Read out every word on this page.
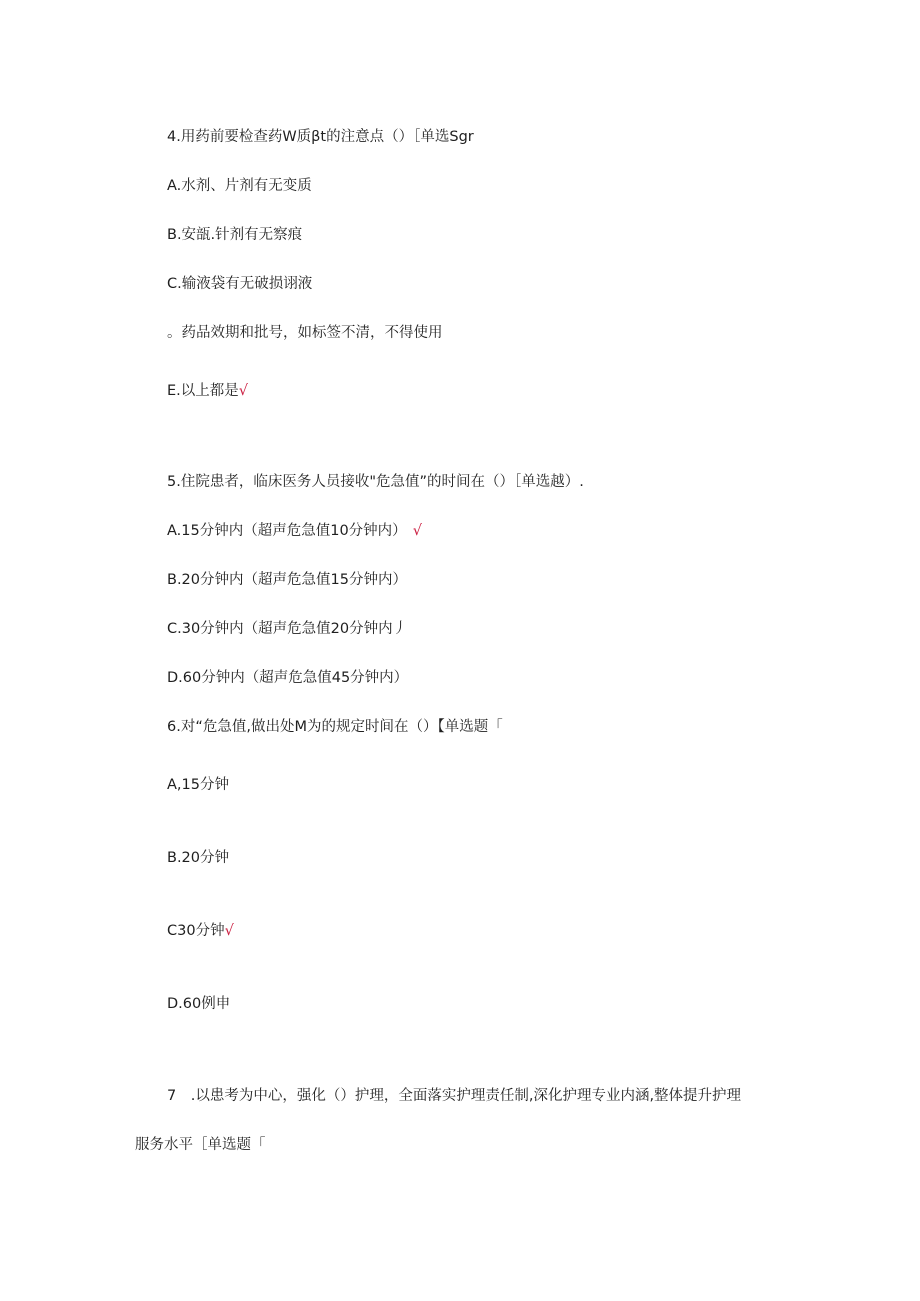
4.用药前要检查药W质βt的注意点（）［单选Sgr
A.水剂、片剂有无变质
B.安瓿.针剂有无察痕
C.输液袋有无破损诩液
。药品效期和批号，如标签不清，不得使用
E.以上都是√
5.住院患者，临床医务人员接收"危急值”的时间在（）［单选越）.
A.15分钟内（超声危急值10分钟内） √
B.20分钟内（超声危急值15分钟内）
C.30分钟内（超声危急值20分钟内丿
D.60分钟内（超声危急值45分钟内）
6.对“危急值,做出处M为的规定时间在（）【单选题「
A,15分钟
B.20分钟
C30分钟√
D.60例申
7　.以患考为中心，强化（）护理，全面落实护理责任制,深化护理专业内涵,整体提升护理
服务水平［单选题「
